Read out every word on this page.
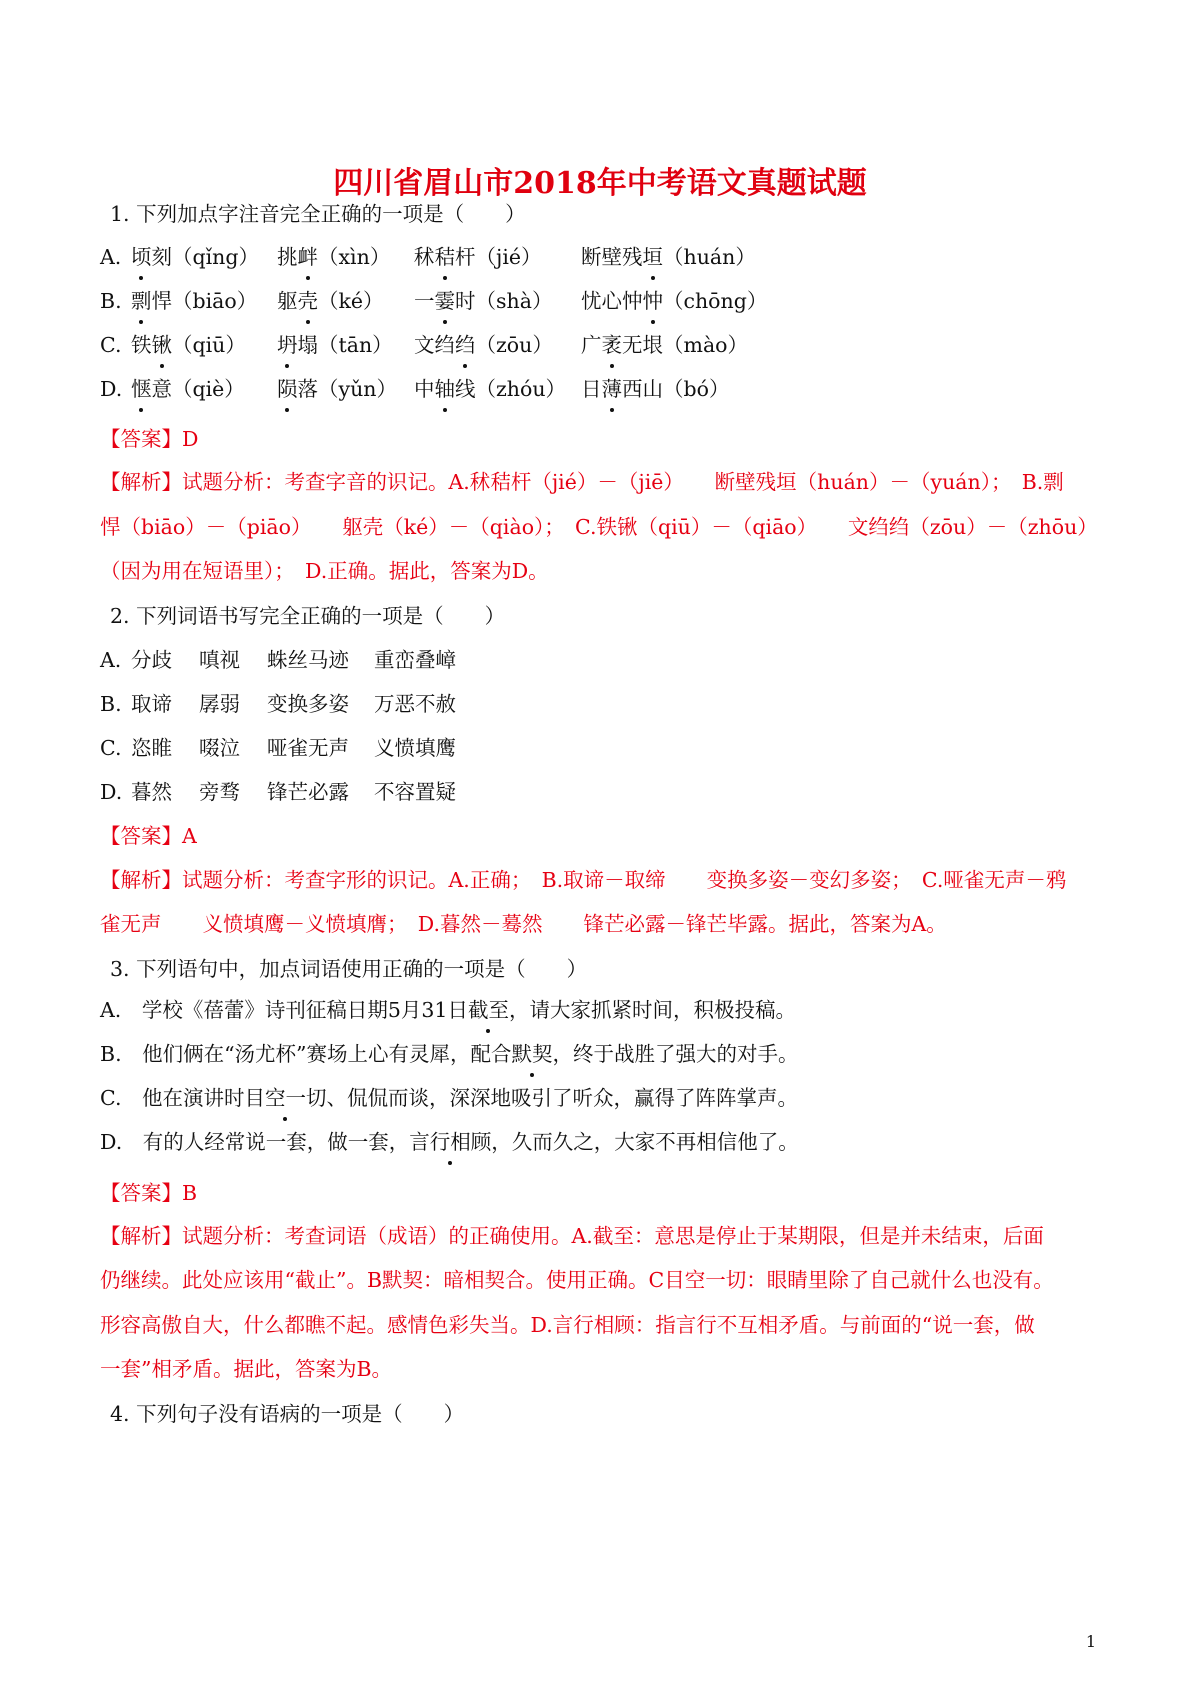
四川省眉山市2018年中考语文真题试题
1. 下列加点字注音完全正确的一项是（　　）
A. 顷刻（qǐng） 挑衅（xìn） 秫秸杆（jié） 断壁残垣（huán）
B. 剽悍（biāo） 躯壳（ké） 一霎时（shà） 忧心忡忡（chōng）
C. 铁锹（qiū） 坍塌（tān） 文绉绉（zōu） 广袤无垠（mào）
D. 惬意（qiè） 陨落（yǔn） 中轴线（zhóu） 日薄西山（bó）
【答案】D
【解析】试题分析：考查字音的识记。A.秫秸杆（jié）－（jiē）　　断壁残垣（huán）－（yuán）；　B.剽
悍（biāo）－（piāo）　　躯壳（ké）－（qiào）；　C.铁锹（qiū）－（qiāo）　　文绉绉（zōu）－（zhōu）
（因为用在短语里）；　D.正确。据此，答案为D。
2. 下列词语书写完全正确的一项是（　　）
A. 分歧 嗔视 蛛丝马迹 重峦叠嶂
B. 取谛 孱弱 变换多姿 万恶不赦
C. 恣睢 啜泣 哑雀无声 义愤填鹰
D. 暮然 旁骛 锋芒必露 不容置疑
【答案】A
【解析】试题分析：考查字形的识记。A.正确；　B.取谛－取缔　　变换多姿－变幻多姿；　C.哑雀无声－鸦
雀无声　　义愤填鹰－义愤填膺；　D.暮然－蓦然　　锋芒必露－锋芒毕露。据此，答案为A。
3. 下列语句中，加点词语使用正确的一项是（　　）
A.　学校《蓓蕾》诗刊征稿日期5月31日截至，请大家抓紧时间，积极投稿。
B.　他们俩在“汤尤杯”赛场上心有灵犀，配合默契，终于战胜了强大的对手。
C.　他在演讲时目空一切、侃侃而谈，深深地吸引了听众，赢得了阵阵掌声。
D.　有的人经常说一套，做一套，言行相顾，久而久之，大家不再相信他了。
【答案】B
【解析】试题分析：考查词语（成语）的正确使用。A.截至：意思是停止于某期限，但是并未结束，后面
仍继续。此处应该用“截止”。B默契：暗相契合。使用正确。C目空一切：眼睛里除了自己就什么也没有。
形容高傲自大，什么都瞧不起。感情色彩失当。D.言行相顾：指言行不互相矛盾。与前面的“说一套，做
一套”相矛盾。据此，答案为B。
4. 下列句子没有语病的一项是（　　）
1
